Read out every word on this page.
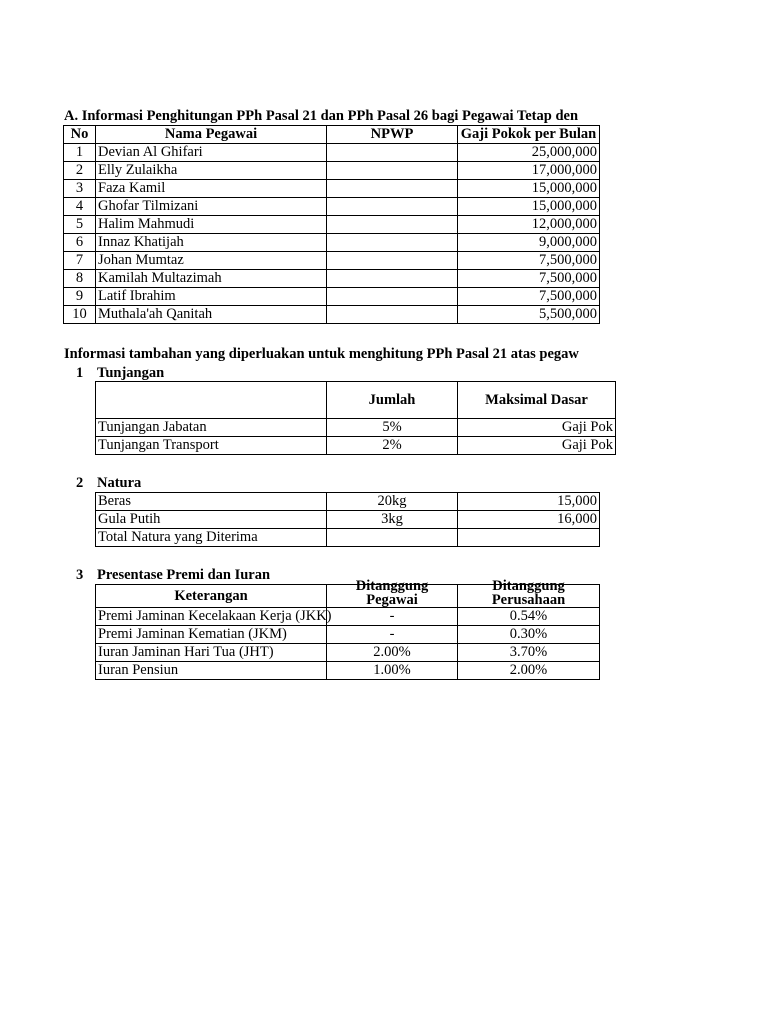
A. Informasi Penghitungan PPh Pasal 21 dan PPh Pasal 26 bagi Pegawai Tetap den
No	Nama Pegawai	NPWP	Gaji Pokok per Bulan
1	Devian Al Ghifari		25,000,000
2	Elly Zulaikha		17,000,000
3	Faza Kamil		15,000,000
4	Ghofar Tilmizani		15,000,000
5	Halim Mahmudi		12,000,000
6	Innaz Khatijah		9,000,000
7	Johan Mumtaz		7,500,000
8	Kamilah Multazimah		7,500,000
9	Latif Ibrahim		7,500,000
10	Muthala'ah Qanitah		5,500,000
Informasi tambahan yang diperluakan untuk menghitung PPh Pasal 21 atas pegaw
1 Tunjangan
	Jumlah	Maksimal Dasar
Tunjangan Jabatan	5%	Gaji Pok
Tunjangan Transport	2%	Gaji Pok
2 Natura
Beras	20kg	15,000
Gula Putih	3kg	16,000
Total Natura yang Diterima		
3 Presentase Premi dan Iuran
Keterangan	Ditanggung Pegawai	Ditanggung Perusahaan

Premi Jaminan Kecelakaan Kerja (JKK)	-	0.54%
Premi Jaminan Kematian (JKM)	-	0.30%
Iuran Jaminan Hari Tua (JHT)	2.00%	3.70%
Iuran Pensiun	1.00%	2.00%
